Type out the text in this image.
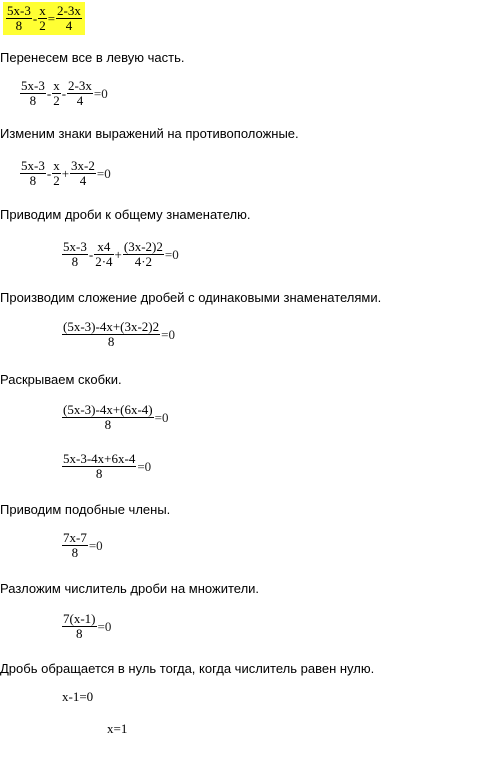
$\frac{5x-3}{8} - \frac{x}{2} = \frac{2-3x}{4}$
Перенесем все в левую часть.
$\frac{5x-3}{8} - \frac{x}{2} - \frac{2-3x}{4} =0$
Изменим знаки выражений на противоположные.
$\frac{5x-3}{8} - \frac{x}{2} + \frac{3x-2}{4} =0$
Приводим дроби к общему знаменателю.
$\frac{5x-3}{8} - \frac{x4}{2\cdot 4} + \frac{(3x-2)2}{4\cdot 2} =0$
Производим сложение дробей с одинаковыми знаменателями.
$\frac{(5x-3)-4x+(3x-2)2}{8} =0$
Раскрываем скобки.
$\frac{(5x-3)-4x+(6x-4)}{8} =0$
$\frac{5x-3-4x+6x-4}{8} =0$
Приводим подобные члены.
$\frac{7x-7}{8} =0$
Разложим числитель дроби на множители.
$\frac{7(x-1)}{8} =0$
Дробь обращается в нуль тогда, когда числитель равен нулю.
x-1=0
x=1
